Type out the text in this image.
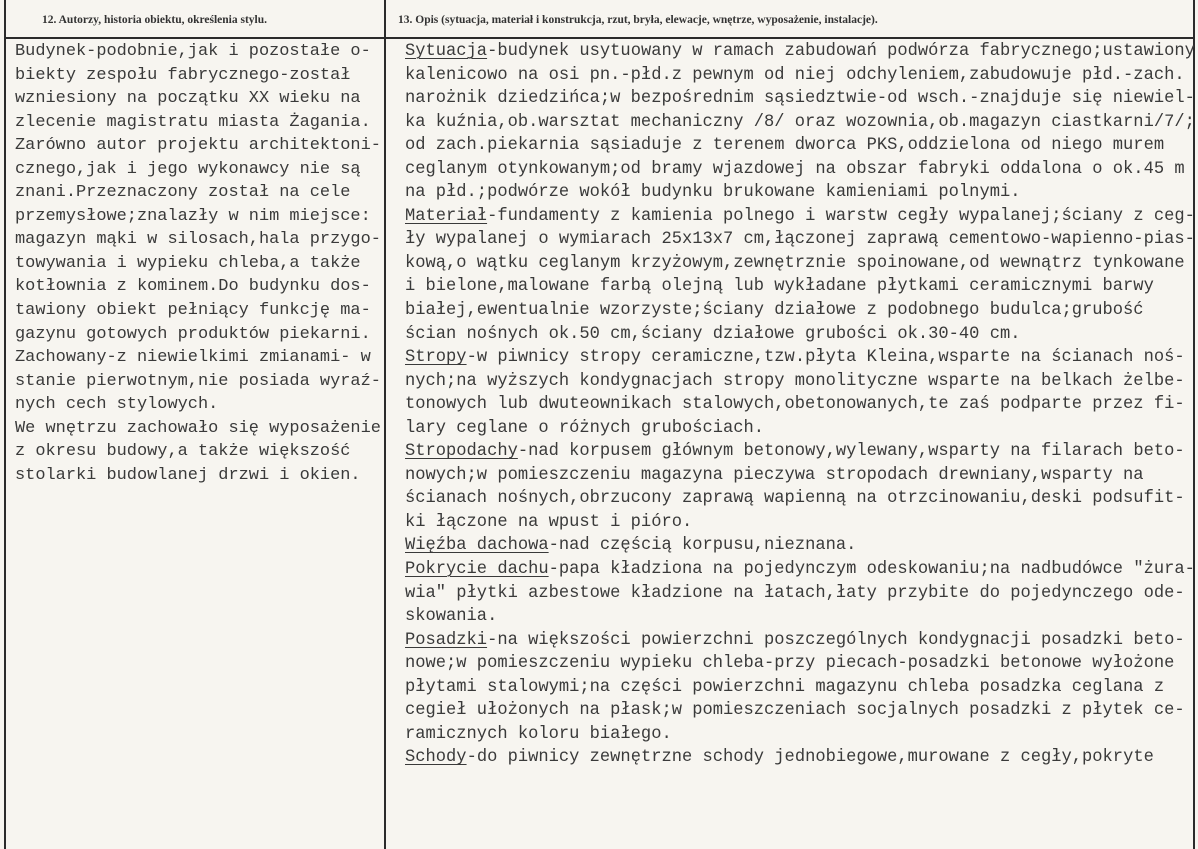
12. Autorzy, historia obiektu, określenia stylu.	13. Opis (sytuacja, materiał i konstrukcja, rzut, bryła, elewacje, wnętrze, wyposażenie, instalacje).
Budynek-podobnie,jak i pozostałe o-
biekty zespołu fabrycznego-został
wzniesiony na początku XX wieku na
zlecenie magistratu miasta Żagania.
Zarówno autor projektu architektoni-
cznego,jak i jego wykonawcy nie są
znani.Przeznaczony został na cele
przemysłowe;znalazły w nim miejsce:
magazyn mąki w silosach,hala przygo-
towywania i wypieku chleba,a także
kotłownia z kominem.Do budynku dos-
tawiony obiekt pełniący funkcję ma-
gazynu gotowych produktów piekarni.
Zachowany-z niewielkimi zmianami- w
stanie pierwotnym,nie posiada wyraź-
nych cech stylowych.
We wnętrzu zachowało się wyposażenie
z okresu budowy,a także większość
stolarki budowlanej drzwi i okien.
Sytuacja-budynek usytuowany w ramach zabudowań podwórza fabrycznego;ustawiony
kalenicowo na osi pn.-płd.z pewnym od niej odchyleniem,zabudowuje płd.-zach.
narożnik dziedzińca;w bezpośrednim sąsiedztwie-od wsch.-znajduje się niewiel-
ka kuźnia,ob.warsztat mechaniczny /8/ oraz wozownia,ob.magazyn ciastkarni/7/;
od zach.piekarnia sąsiaduje z terenem dworca PKS,oddzielona od niego murem
ceglanym otynkowanym;od bramy wjazdowej na obszar fabryki oddalona o ok.45 m
na płd.;podwórze wokół budynku brukowane kamieniami polnymi.
Materiał-fundamenty z kamienia polnego i warstw cegły wypalanej;ściany z ceg-
ły wypalanej o wymiarach 25x13x7 cm,łączonej zaprawą cementowo-wapienno-pias-
kową,o wątku ceglanym krzyżowym,zewnętrznie spoinowane,od wewnątrz tynkowane
i bielone,malowane farbą olejną lub wykładane płytkami ceramicznymi barwy
białej,ewentualnie wzorzyste;ściany działowe z podobnego budulca;grubość
ścian nośnych ok.50 cm,ściany działowe grubości ok.30-40 cm.
Stropy-w piwnicy stropy ceramiczne,tzw.płyta Kleina,wsparte na ścianach noś-
nych;na wyższych kondygnacjach stropy monolityczne wsparte na belkach żelbe-
tonowych lub dwuteownikach stalowych,obetonowanych,te zaś podparte przez fi-
lary ceglane o różnych grubościach.
Stropodachy-nad korpusem głównym betonowy,wylewany,wsparty na filarach beto-
nowych;w pomieszczeniu magazyna pieczywa stropodach drewniany,wsparty na
ścianach nośnych,obrzucony zaprawą wapienną na otrzcinowaniu,deski podsufit-
ki łączone na wpust i pióro.
Więźba dachowa-nad częścią korpusu,nieznana.
Pokrycie dachu-papa kładziona na pojedynczym odeskowaniu;na nadbudówce "żura-
wia" płytki azbestowe kładzione na łatach,łaty przybite do pojedynczego ode-
skowania.
Posadzki-na większości powierzchni poszczególnych kondygnacji posadzki beto-
nowe;w pomieszczeniu wypieku chleba-przy piecach-posadzki betonowe wyłożone
płytami stalowymi;na części powierzchni magazynu chleba posadzka ceglana z
cegieł ułożonych na płask;w pomieszczeniach socjalnych posadzki z płytek ce-
ramicznych koloru białego.
Schody-do piwnicy zewnętrzne schody jednobiegowe,murowane z cegły,pokryte
